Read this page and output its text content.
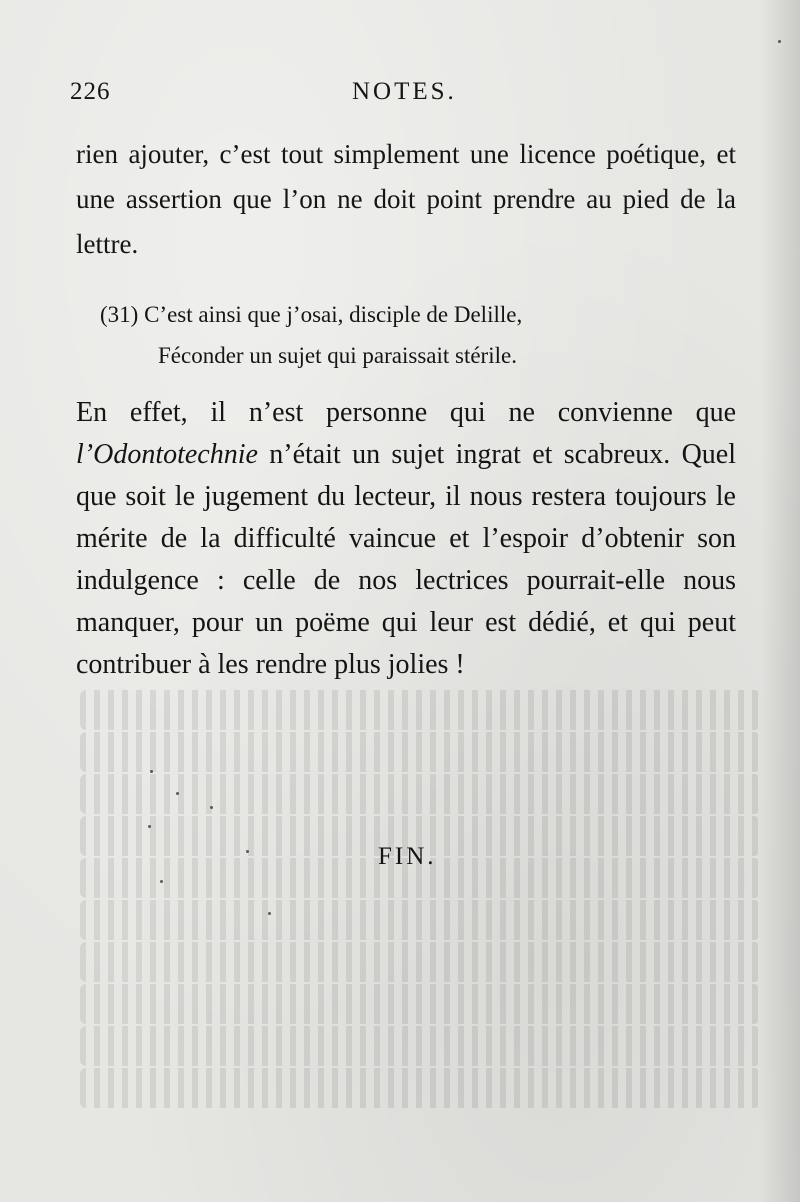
226	NOTES.

rien ajouter, c’est tout simplement une licence poétique, et une assertion que l’on ne doit point prendre au pied de la lettre.

(31) C’est ainsi que j’osai, disciple de Delille,
Féconder un sujet qui paraissait stérile.

En effet, il n’est personne qui ne convienne que l’Odontotechnie n’était un sujet ingrat et scabreux. Quel que soit le jugement du lecteur, il nous restera toujours le mérite de la difficulté vaincue et l’espoir d’obtenir son indulgence : celle de nos lectrices pourrait-elle nous manquer, pour un poëme qui leur est dédié, et qui peut contribuer à les rendre plus jolies !

FIN.
